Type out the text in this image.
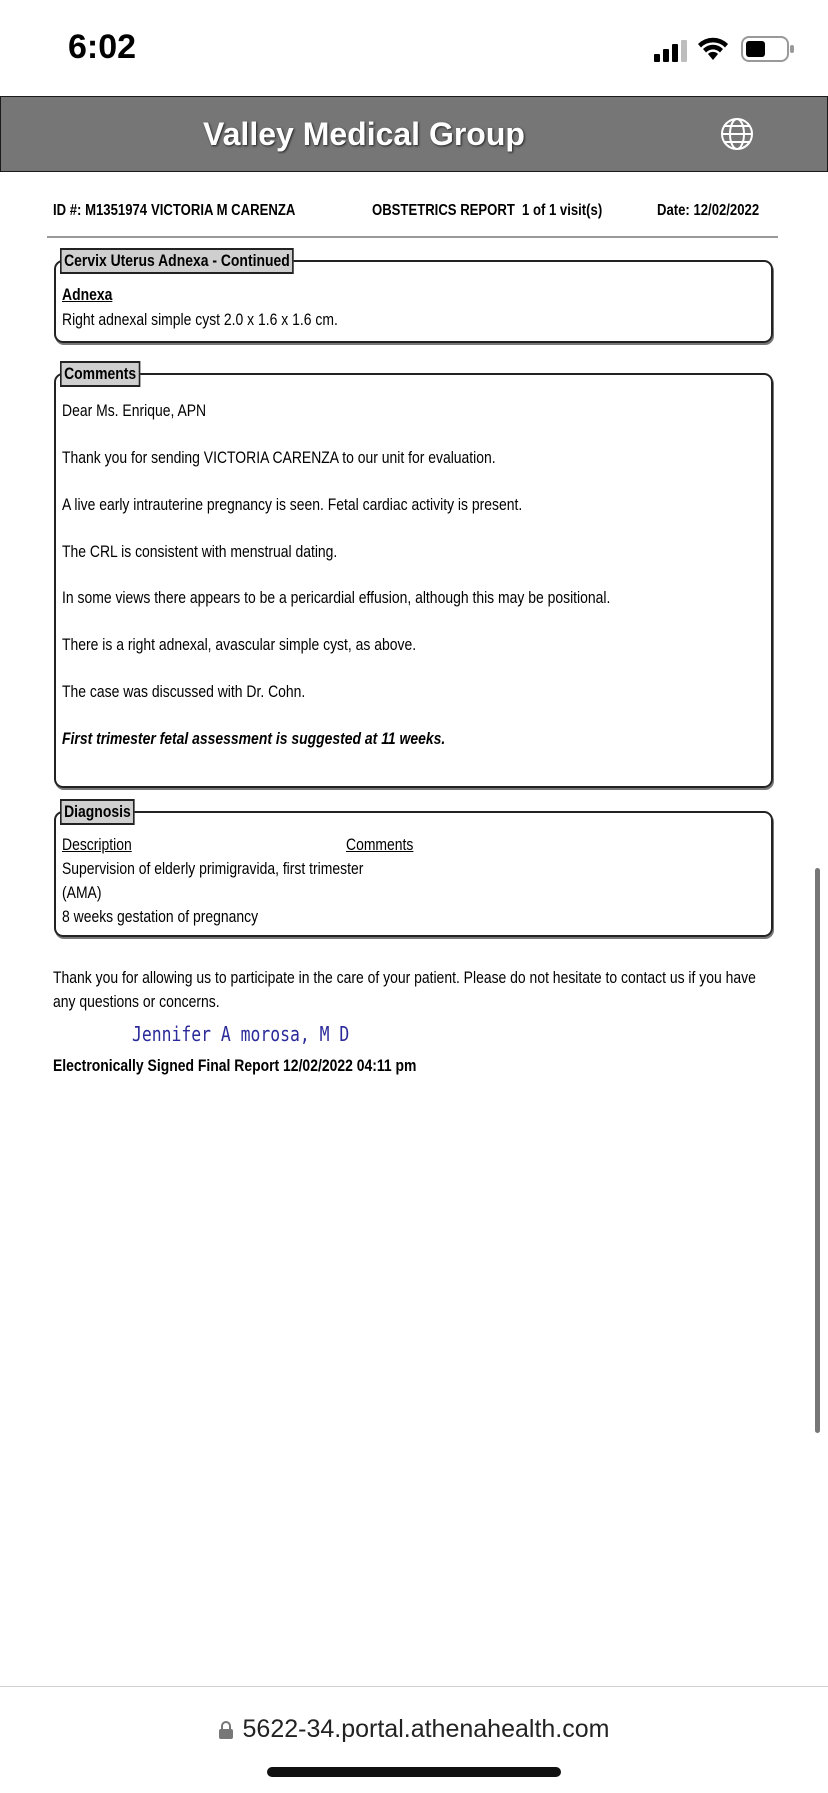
6:02
Valley Medical Group
ID #: M1351974 VICTORIA M CARENZA	OBSTETRICS REPORT 1 of 1 visit(s)	Date: 12/02/2022
Cervix Uterus Adnexa - Continued
Adnexa
Right adnexal simple cyst 2.0 x 1.6 x 1.6 cm.
Comments
Dear Ms. Enrique, APN
Thank you for sending VICTORIA CARENZA to our unit for evaluation.
A live early intrauterine pregnancy is seen. Fetal cardiac activity is present.
The CRL is consistent with menstrual dating.
In some views there appears to be a pericardial effusion, although this may be positional.
There is a right adnexal, avascular simple cyst, as above.
The case was discussed with Dr. Cohn.
First trimester fetal assessment is suggested at 11 weeks.
Diagnosis
Description	Comments
Supervision of elderly primigravida, first trimester
(AMA)
8 weeks gestation of pregnancy
Thank you for allowing us to participate in the care of your patient. Please do not hesitate to contact us if you have any questions or concerns.
Jennifer A morosa, M D
Electronically Signed Final Report 12/02/2022 04:11 pm
5622-34.portal.athenahealth.com
